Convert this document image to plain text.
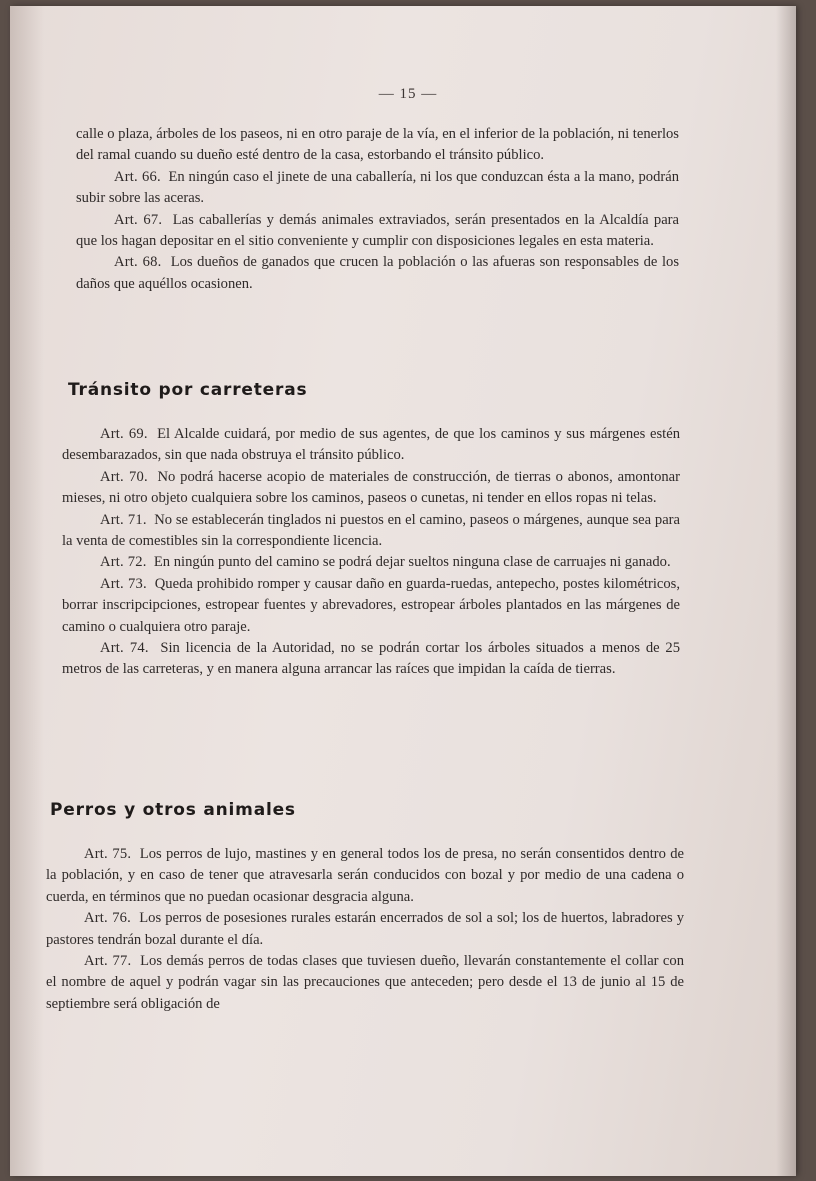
— 15 —

calle o plaza, árboles de los paseos, ni en otro paraje de la vía, en el inferior de la población, ni tenerlos del ramal cuando su dueño esté dentro de la casa, estorbando el tránsito público.

Art. 66. En ningún caso el jinete de una caballería, ni los que conduzcan ésta a la mano, podrán subir sobre las aceras.

Art. 67. Las caballerías y demás animales extraviados, serán presentados en la Alcaldía para que los hagan depositar en el sitio conveniente y cumplir con disposiciones legales en esta materia.

Art. 68. Los dueños de ganados que crucen la población o las afueras son responsables de los daños que aquéllos ocasionen.

Tránsito por carreteras

Art. 69. El Alcalde cuidará, por medio de sus agentes, de que los caminos y sus márgenes estén desembarazados, sin que nada obstruya el tránsito público.

Art. 70. No podrá hacerse acopio de materiales de construcción, de tierras o abonos, amontonar mieses, ni otro objeto cualquiera sobre los caminos, paseos o cunetas, ni tender en ellos ropas ni telas.

Art. 71. No se establecerán tinglados ni puestos en el camino, paseos o márgenes, aunque sea para la venta de comestibles sin la correspondiente licencia.

Art. 72. En ningún punto del camino se podrá dejar sueltos ninguna clase de carruajes ni ganado.

Art. 73. Queda prohibido romper y causar daño en guarda-ruedas, antepecho, postes kilométricos, borrar inscripcipciones, estropear fuentes y abrevadores, estropear árboles plantados en las márgenes de camino o cualquiera otro paraje.

Art. 74. Sin licencia de la Autoridad, no se podrán cortar los árboles situados a menos de 25 metros de las carreteras, y en manera alguna arrancar las raíces que impidan la caída de tierras.

Perros y otros animales

Art. 75. Los perros de lujo, mastines y en general todos los de presa, no serán consentidos dentro de la población, y en caso de tener que atravesarla serán conducidos con bozal y por medio de una cadena o cuerda, en términos que no puedan ocasionar desgracia alguna.

Art. 76. Los perros de posesiones rurales estarán encerrados de sol a sol; los de huertos, labradores y pastores tendrán bozal durante el día.

Art. 77. Los demás perros de todas clases que tuviesen dueño, llevarán constantemente el collar con el nombre de aquel y podrán vagar sin las precauciones que anteceden; pero desde el 13 de junio al 15 de septiembre será obligación de
